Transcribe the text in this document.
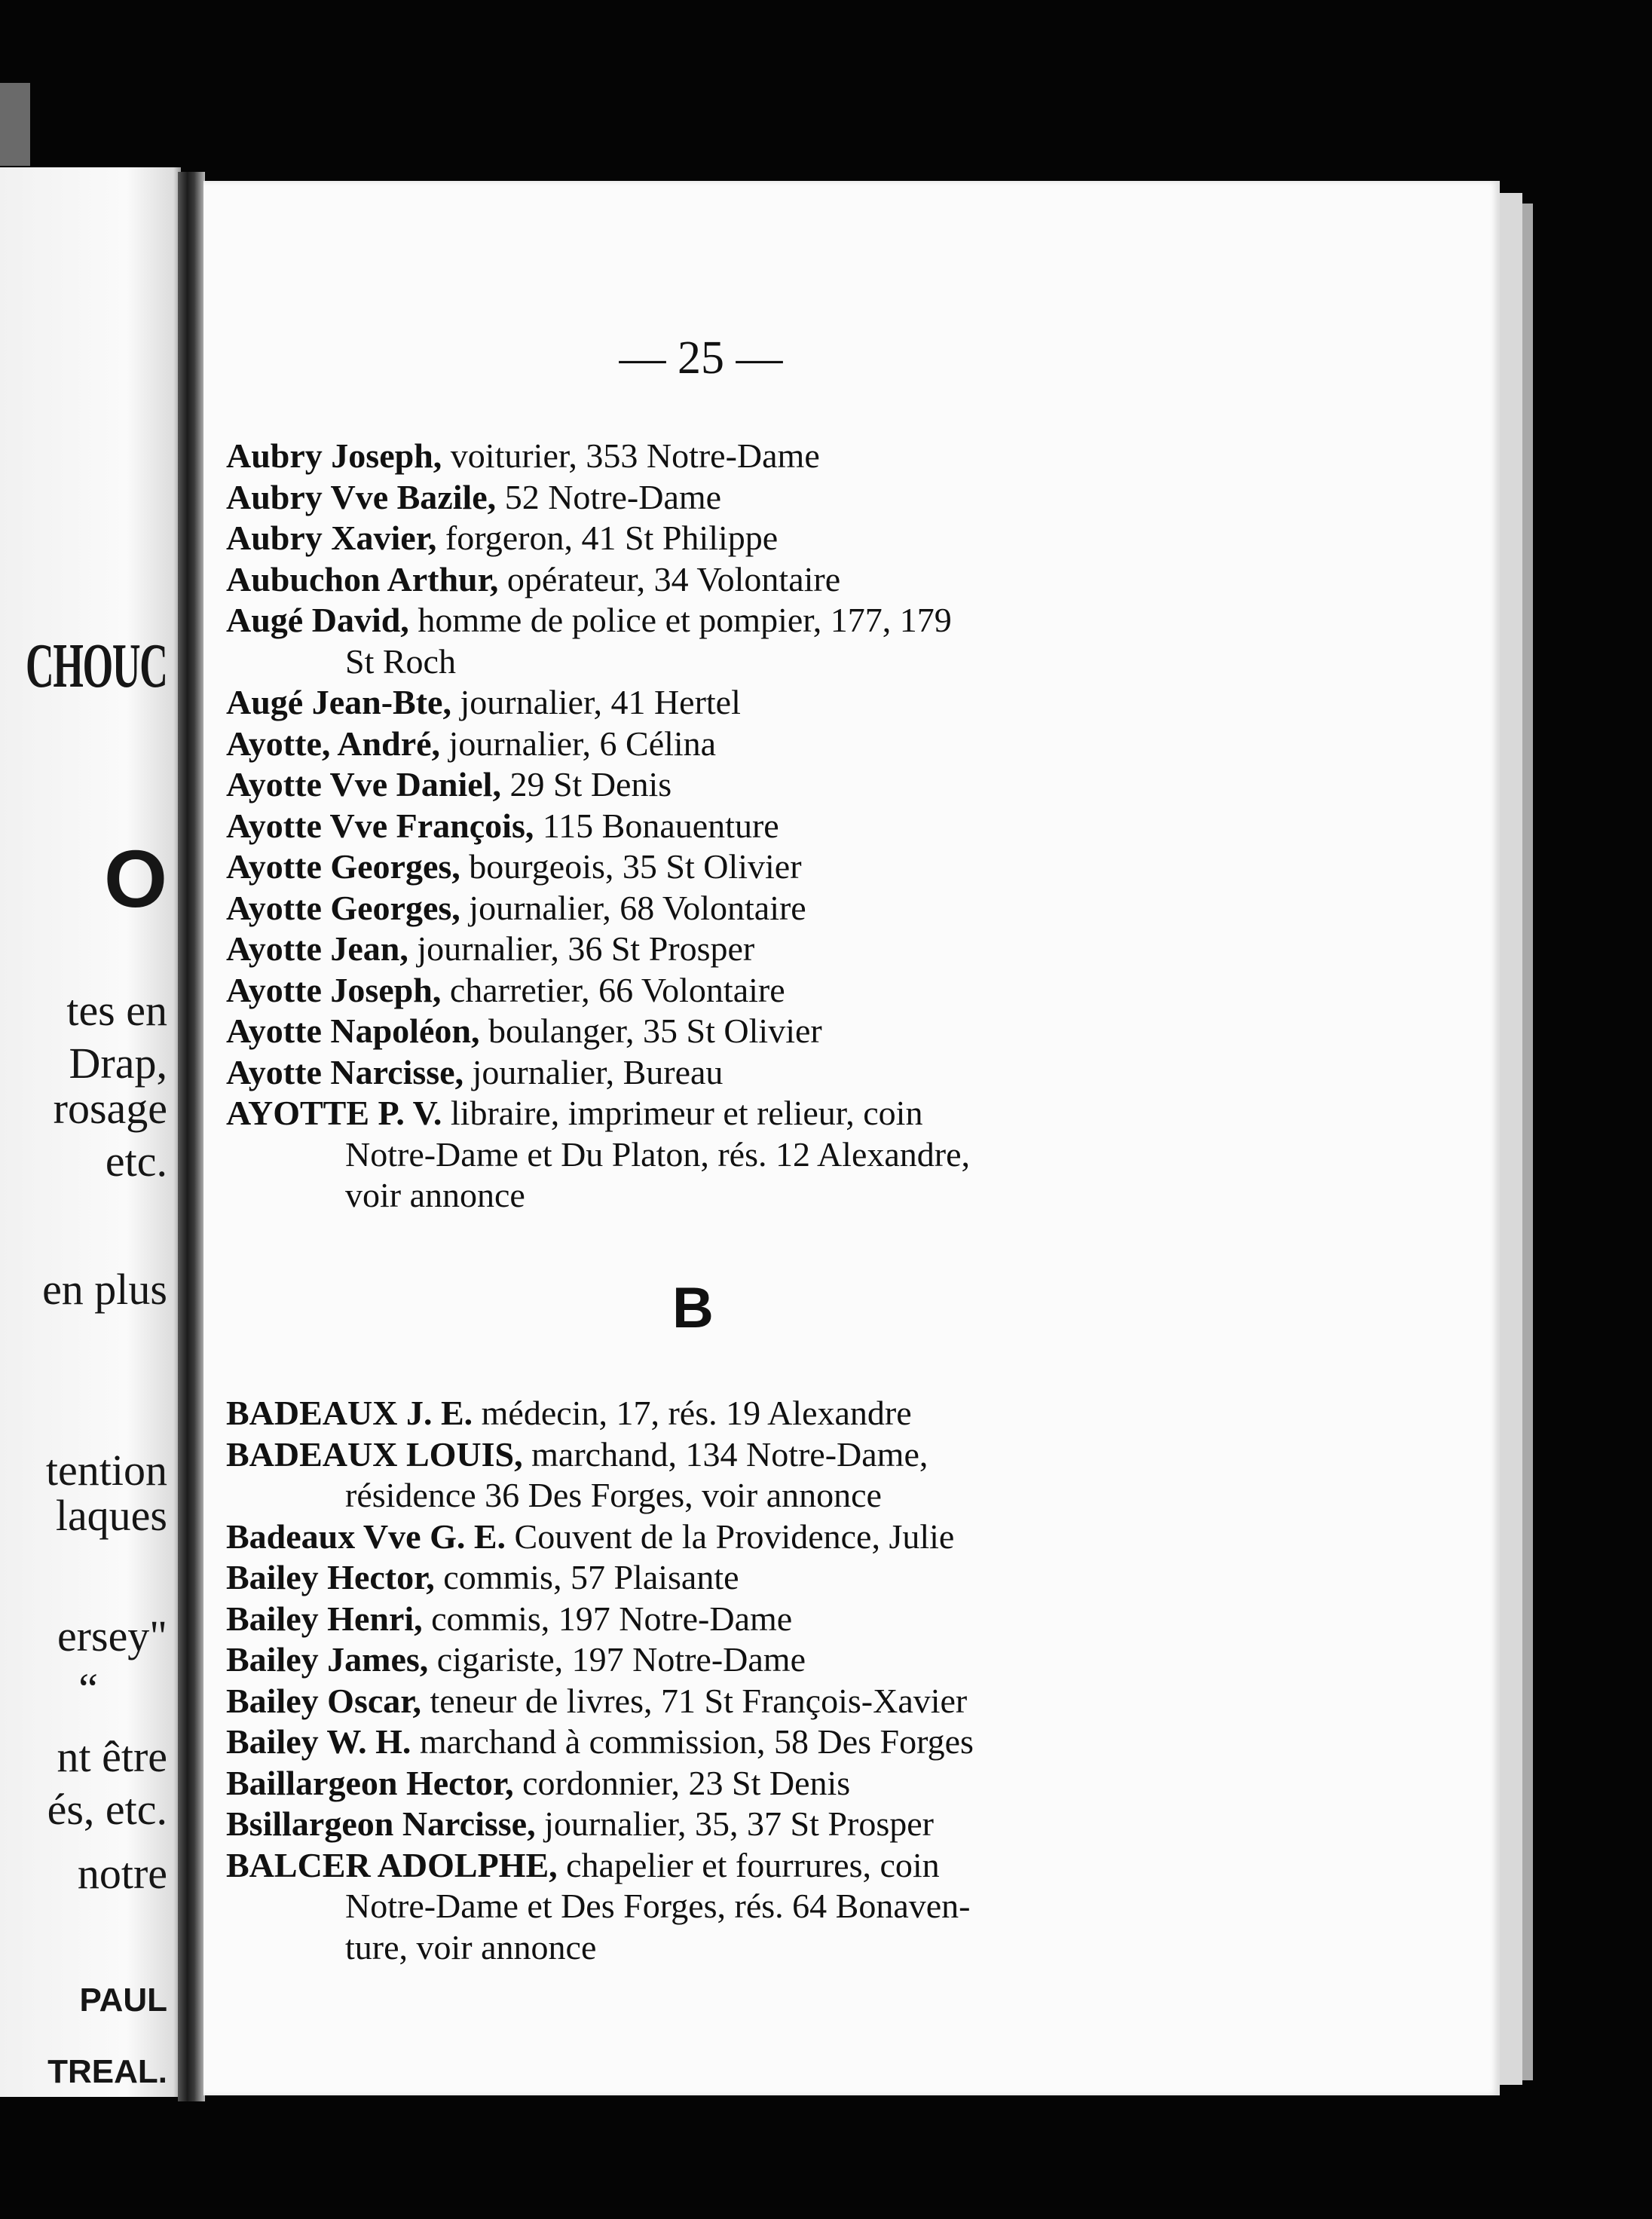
CHOUC
O
tes en
Drap,
rosage
etc.
en plus
tention
laques
ersey"
“
nt être
és, etc.
notre
PAUL
TREAL.
— 25 —
Aubry Joseph, voiturier, 353 Notre-Dame
Aubry Vve Bazile, 52 Notre-Dame
Aubry Xavier, forgeron, 41 St Philippe
Aubuchon Arthur, opérateur, 34 Volontaire
Augé David, homme de police et pompier, 177, 179
St Roch
Augé Jean-Bte, journalier, 41 Hertel
Ayotte, André, journalier, 6 Célina
Ayotte Vve Daniel, 29 St Denis
Ayotte Vve François, 115 Bonauenture
Ayotte Georges, bourgeois, 35 St Olivier
Ayotte Georges, journalier, 68 Volontaire
Ayotte Jean, journalier, 36 St Prosper
Ayotte Joseph, charretier, 66 Volontaire
Ayotte Napoléon, boulanger, 35 St Olivier
Ayotte Narcisse, journalier, Bureau
AYOTTE P. V. libraire, imprimeur et relieur, coin
Notre-Dame et Du Platon, rés. 12 Alexandre,
voir annonce
BADEAUX J. E. médecin, 17, rés. 19 Alexandre
BADEAUX LOUIS, marchand, 134 Notre-Dame,
résidence 36 Des Forges, voir annonce
Badeaux Vve G. E. Couvent de la Providence, Julie
Bailey Hector, commis, 57 Plaisante
Bailey Henri, commis, 197 Notre-Dame
Bailey James, cigariste, 197 Notre-Dame
Bailey Oscar, teneur de livres, 71 St François-Xavier
Bailey W. H. marchand à commission, 58 Des Forges
Baillargeon Hector, cordonnier, 23 St Denis
Bsillargeon Narcisse, journalier, 35, 37 St Prosper
BALCER ADOLPHE, chapelier et fourrures, coin
Notre-Dame et Des Forges, rés. 64 Bonaven-
ture, voir annonce
B
